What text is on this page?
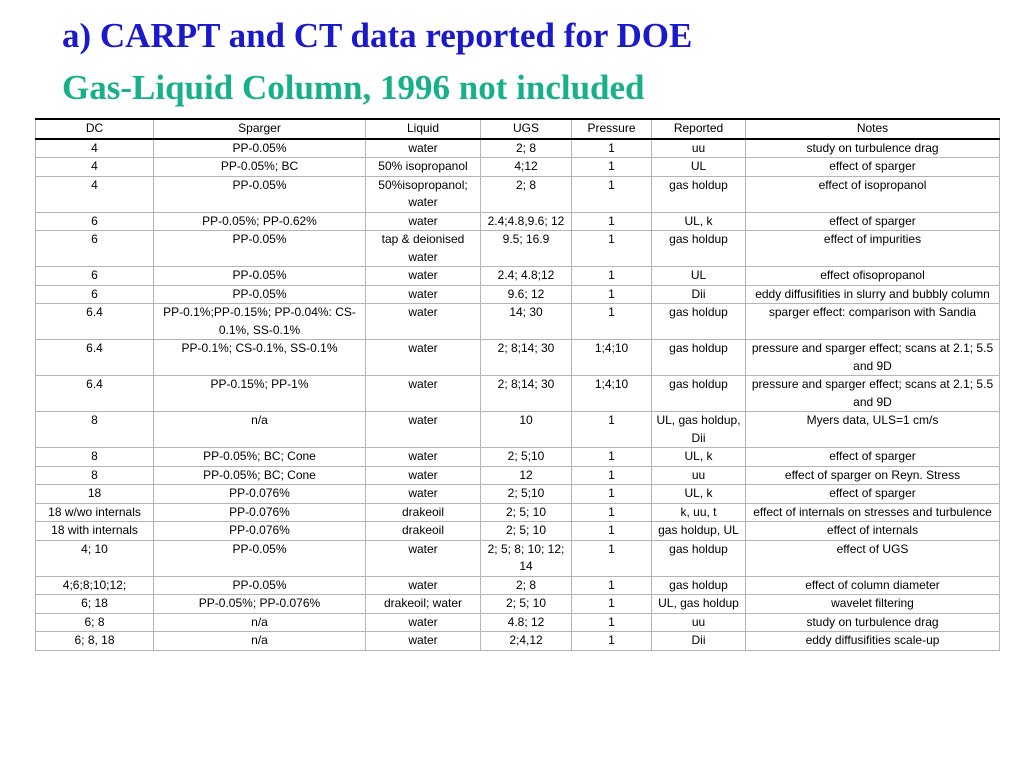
a) CARPT and CT data reported for DOE
Gas-Liquid Column, 1996 not included
DC	Sparger	Liquid	UGS	Pressure	Reported	Notes
4	PP-0.05%	water	2; 8	1	uu	study on turbulence drag
4	PP-0.05%; BC	50% isopropanol	4;12	1	UL	effect of sparger
4	PP-0.05%	50%isopropanol; water	2; 8	1	gas holdup	effect of isopropanol
6	PP-0.05%; PP-0.62%	water	2.4;4.8,9.6; 12	1	UL, k	effect of sparger
6	PP-0.05%	tap & deionised water	9.5; 16.9	1	gas holdup	effect of impurities
6	PP-0.05%	water	2.4; 4.8;12	1	UL	effect ofisopropanol
6	PP-0.05%	water	9.6; 12	1	Dii	eddy diffusifities in slurry and bubbly column
6.4	PP-0.1%;PP-0.15%; PP-0.04%: CS-0.1%, SS-0.1%	water	14; 30	1	gas holdup	sparger effect: comparison with Sandia
6.4	PP-0.1%; CS-0.1%, SS-0.1%	water	2; 8;14; 30	1;4;10	gas holdup	pressure and sparger effect; scans at 2.1; 5.5 and 9D
6.4	PP-0.15%; PP-1%	water	2; 8;14; 30	1;4;10	gas holdup	pressure and sparger effect; scans at 2.1; 5.5 and 9D
8	n/a	water	10	1	UL, gas holdup, Dii	Myers data, ULS=1 cm/s
8	PP-0.05%; BC; Cone	water	2; 5;10	1	UL, k	effect of sparger
8	PP-0.05%; BC; Cone	water	12	1	uu	effect of sparger on Reyn. Stress
18	PP-0.076%	water	2; 5;10	1	UL, k	effect of sparger
18 w/wo internals	PP-0.076%	drakeoil	2; 5; 10	1	k, uu, t	effect of internals on stresses and turbulence
18 with internals	PP-0.076%	drakeoil	2; 5; 10	1	gas holdup, UL	effect of internals
4; 10	PP-0.05%	water	2; 5; 8; 10; 12; 14	1	gas holdup	effect of UGS
4;6;8;10;12;	PP-0.05%	water	2; 8	1	gas holdup	effect of column diameter
6; 18	PP-0.05%; PP-0.076%	drakeoil; water	2; 5; 10	1	UL, gas holdup	wavelet filtering
6; 8	n/a	water	4.8; 12	1	uu	study on turbulence drag
6; 8, 18	n/a	water	2;4,12	1	Dii	eddy diffusifities scale-up
